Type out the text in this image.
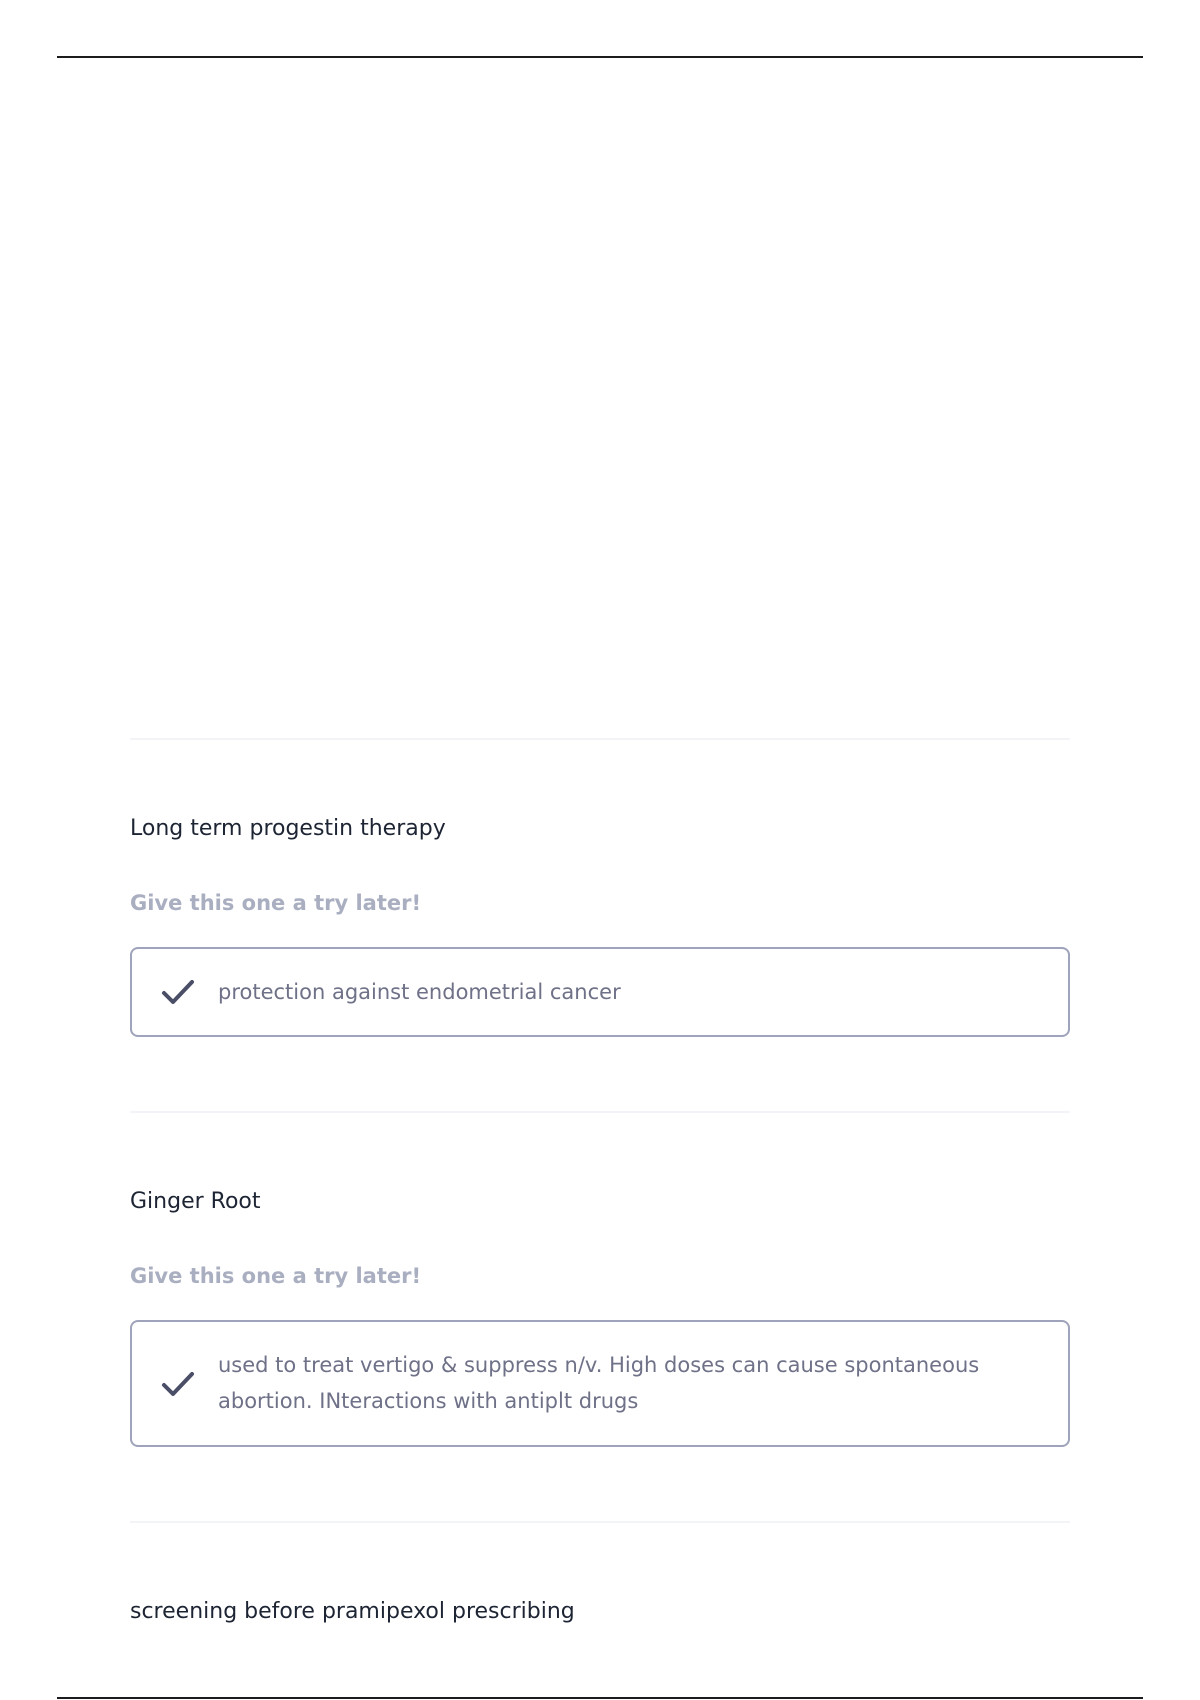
Long term progestin therapy
Give this one a try later!
protection against endometrial cancer
Ginger Root
Give this one a try later!
used to treat vertigo & suppress n/v. High doses can cause spontaneous abortion. INteractions with antiplt drugs
screening before pramipexol prescribing
